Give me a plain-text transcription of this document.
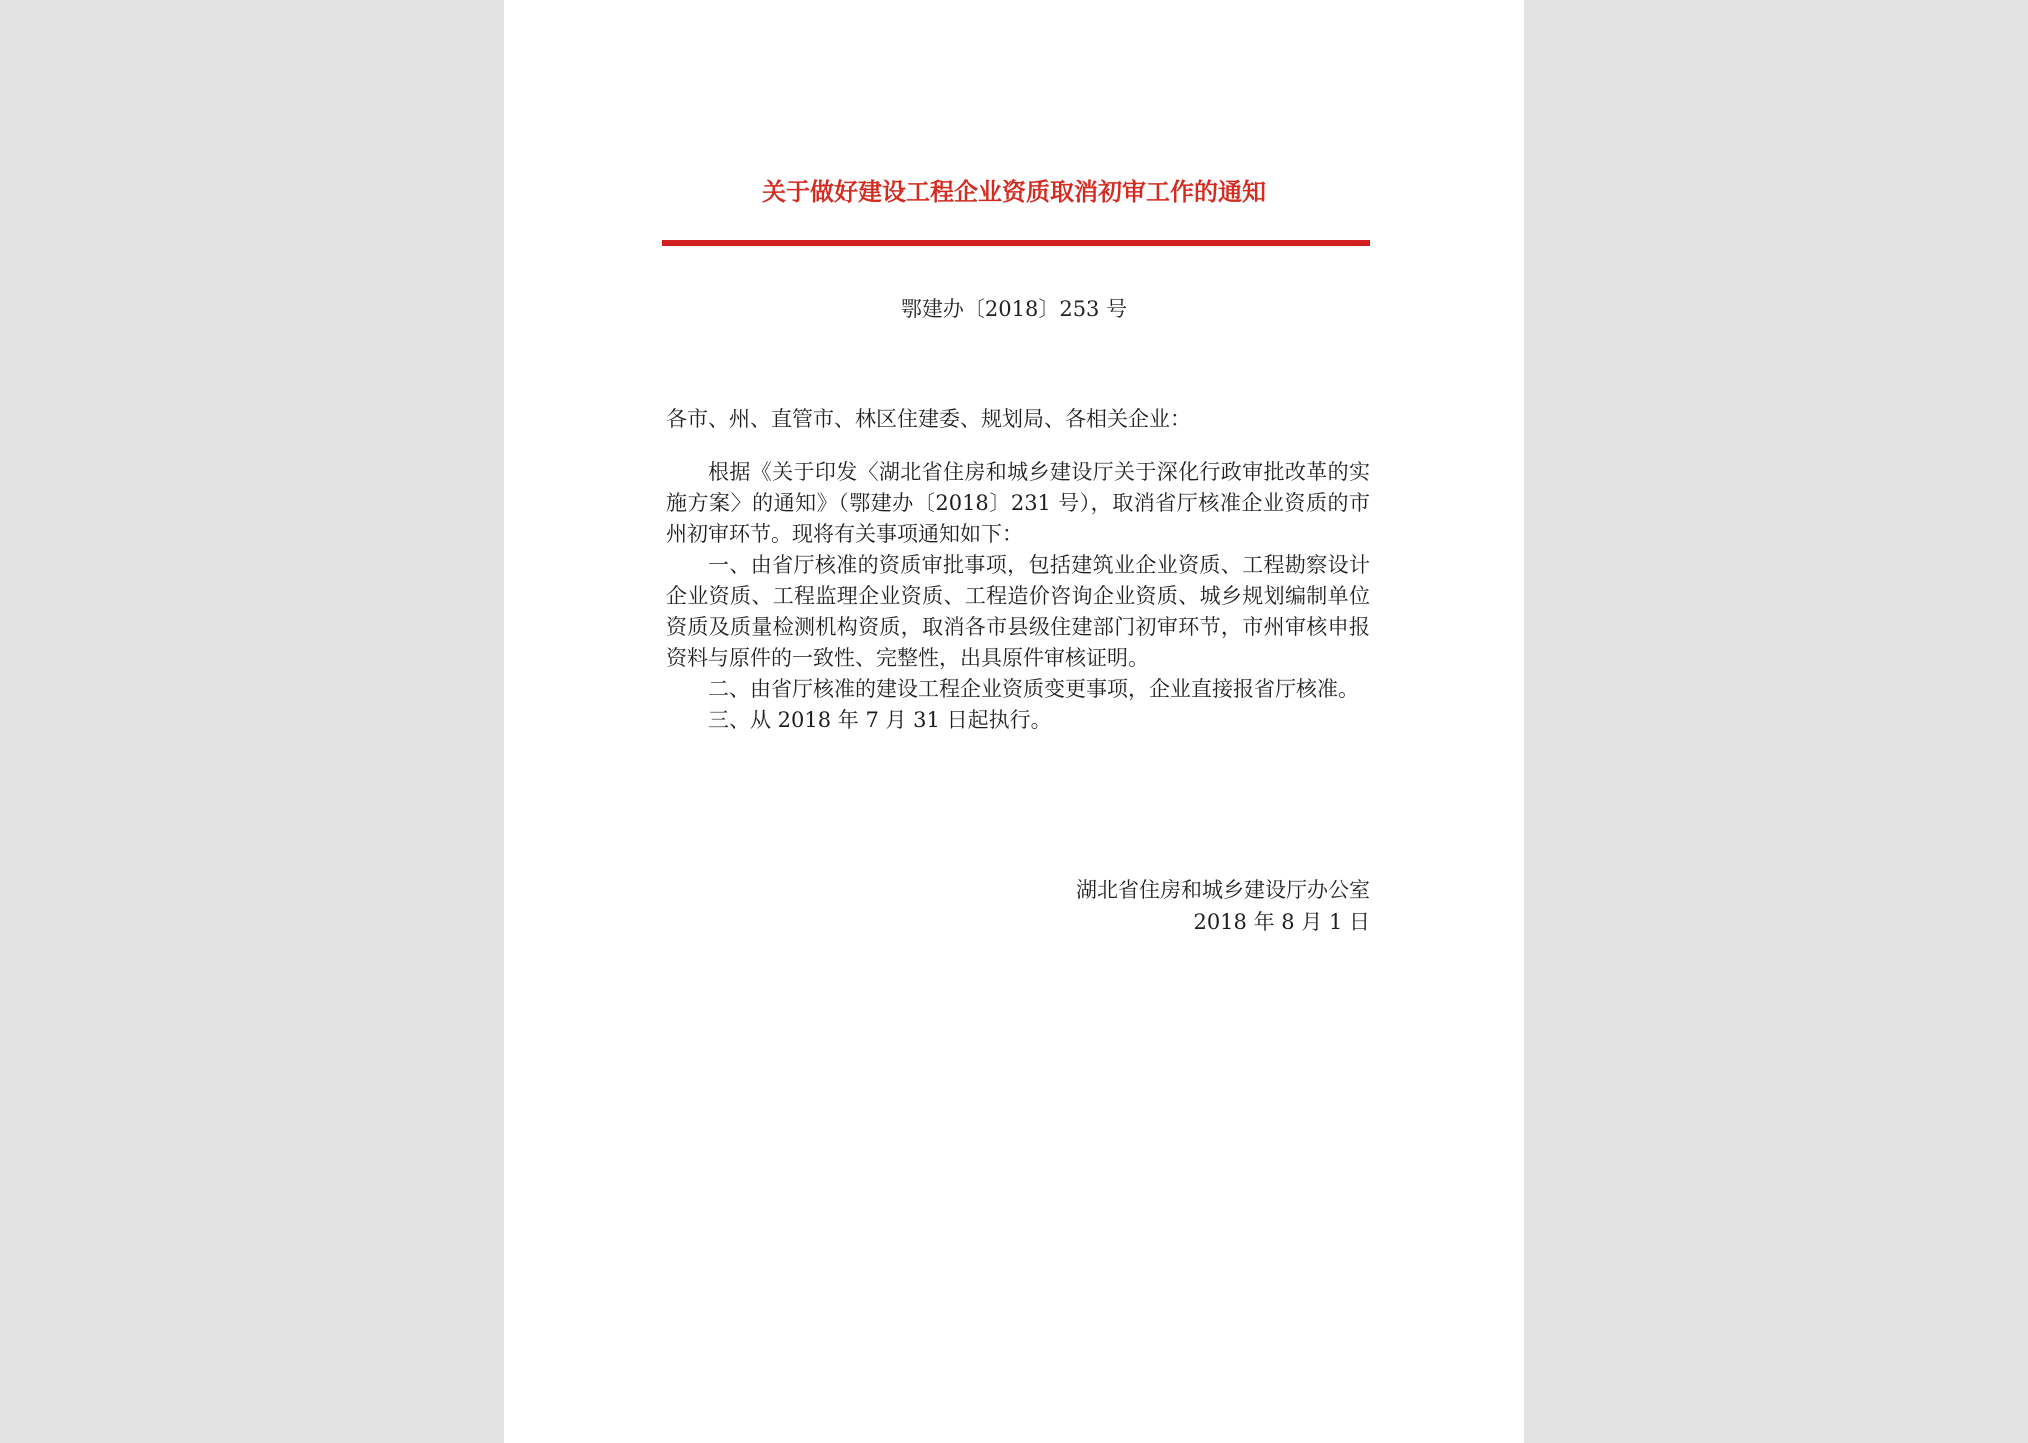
关于做好建设工程企业资质取消初审工作的通知
鄂建办〔2018〕253 号
各市、州、直管市、林区住建委、规划局、各相关企业：

根据《关于印发〈湖北省住房和城乡建设厅关于深化行政审批改革的实施方案〉的通知》（鄂建办〔2018〕231 号），取消省厅核准企业资质的市州初审环节。现将有关事项通知如下：

一、由省厅核准的资质审批事项，包括建筑业企业资质、工程勘察设计企业资质、工程监理企业资质、工程造价咨询企业资质、城乡规划编制单位资质及质量检测机构资质，取消各市县级住建部门初审环节，市州审核申报资料与原件的一致性、完整性，出具原件审核证明。

二、由省厅核准的建设工程企业资质变更事项，企业直接报省厅核准。

三、从 2018 年 7 月 31 日起执行。

湖北省住房和城乡建设厅办公室
2018 年 8 月 1 日
